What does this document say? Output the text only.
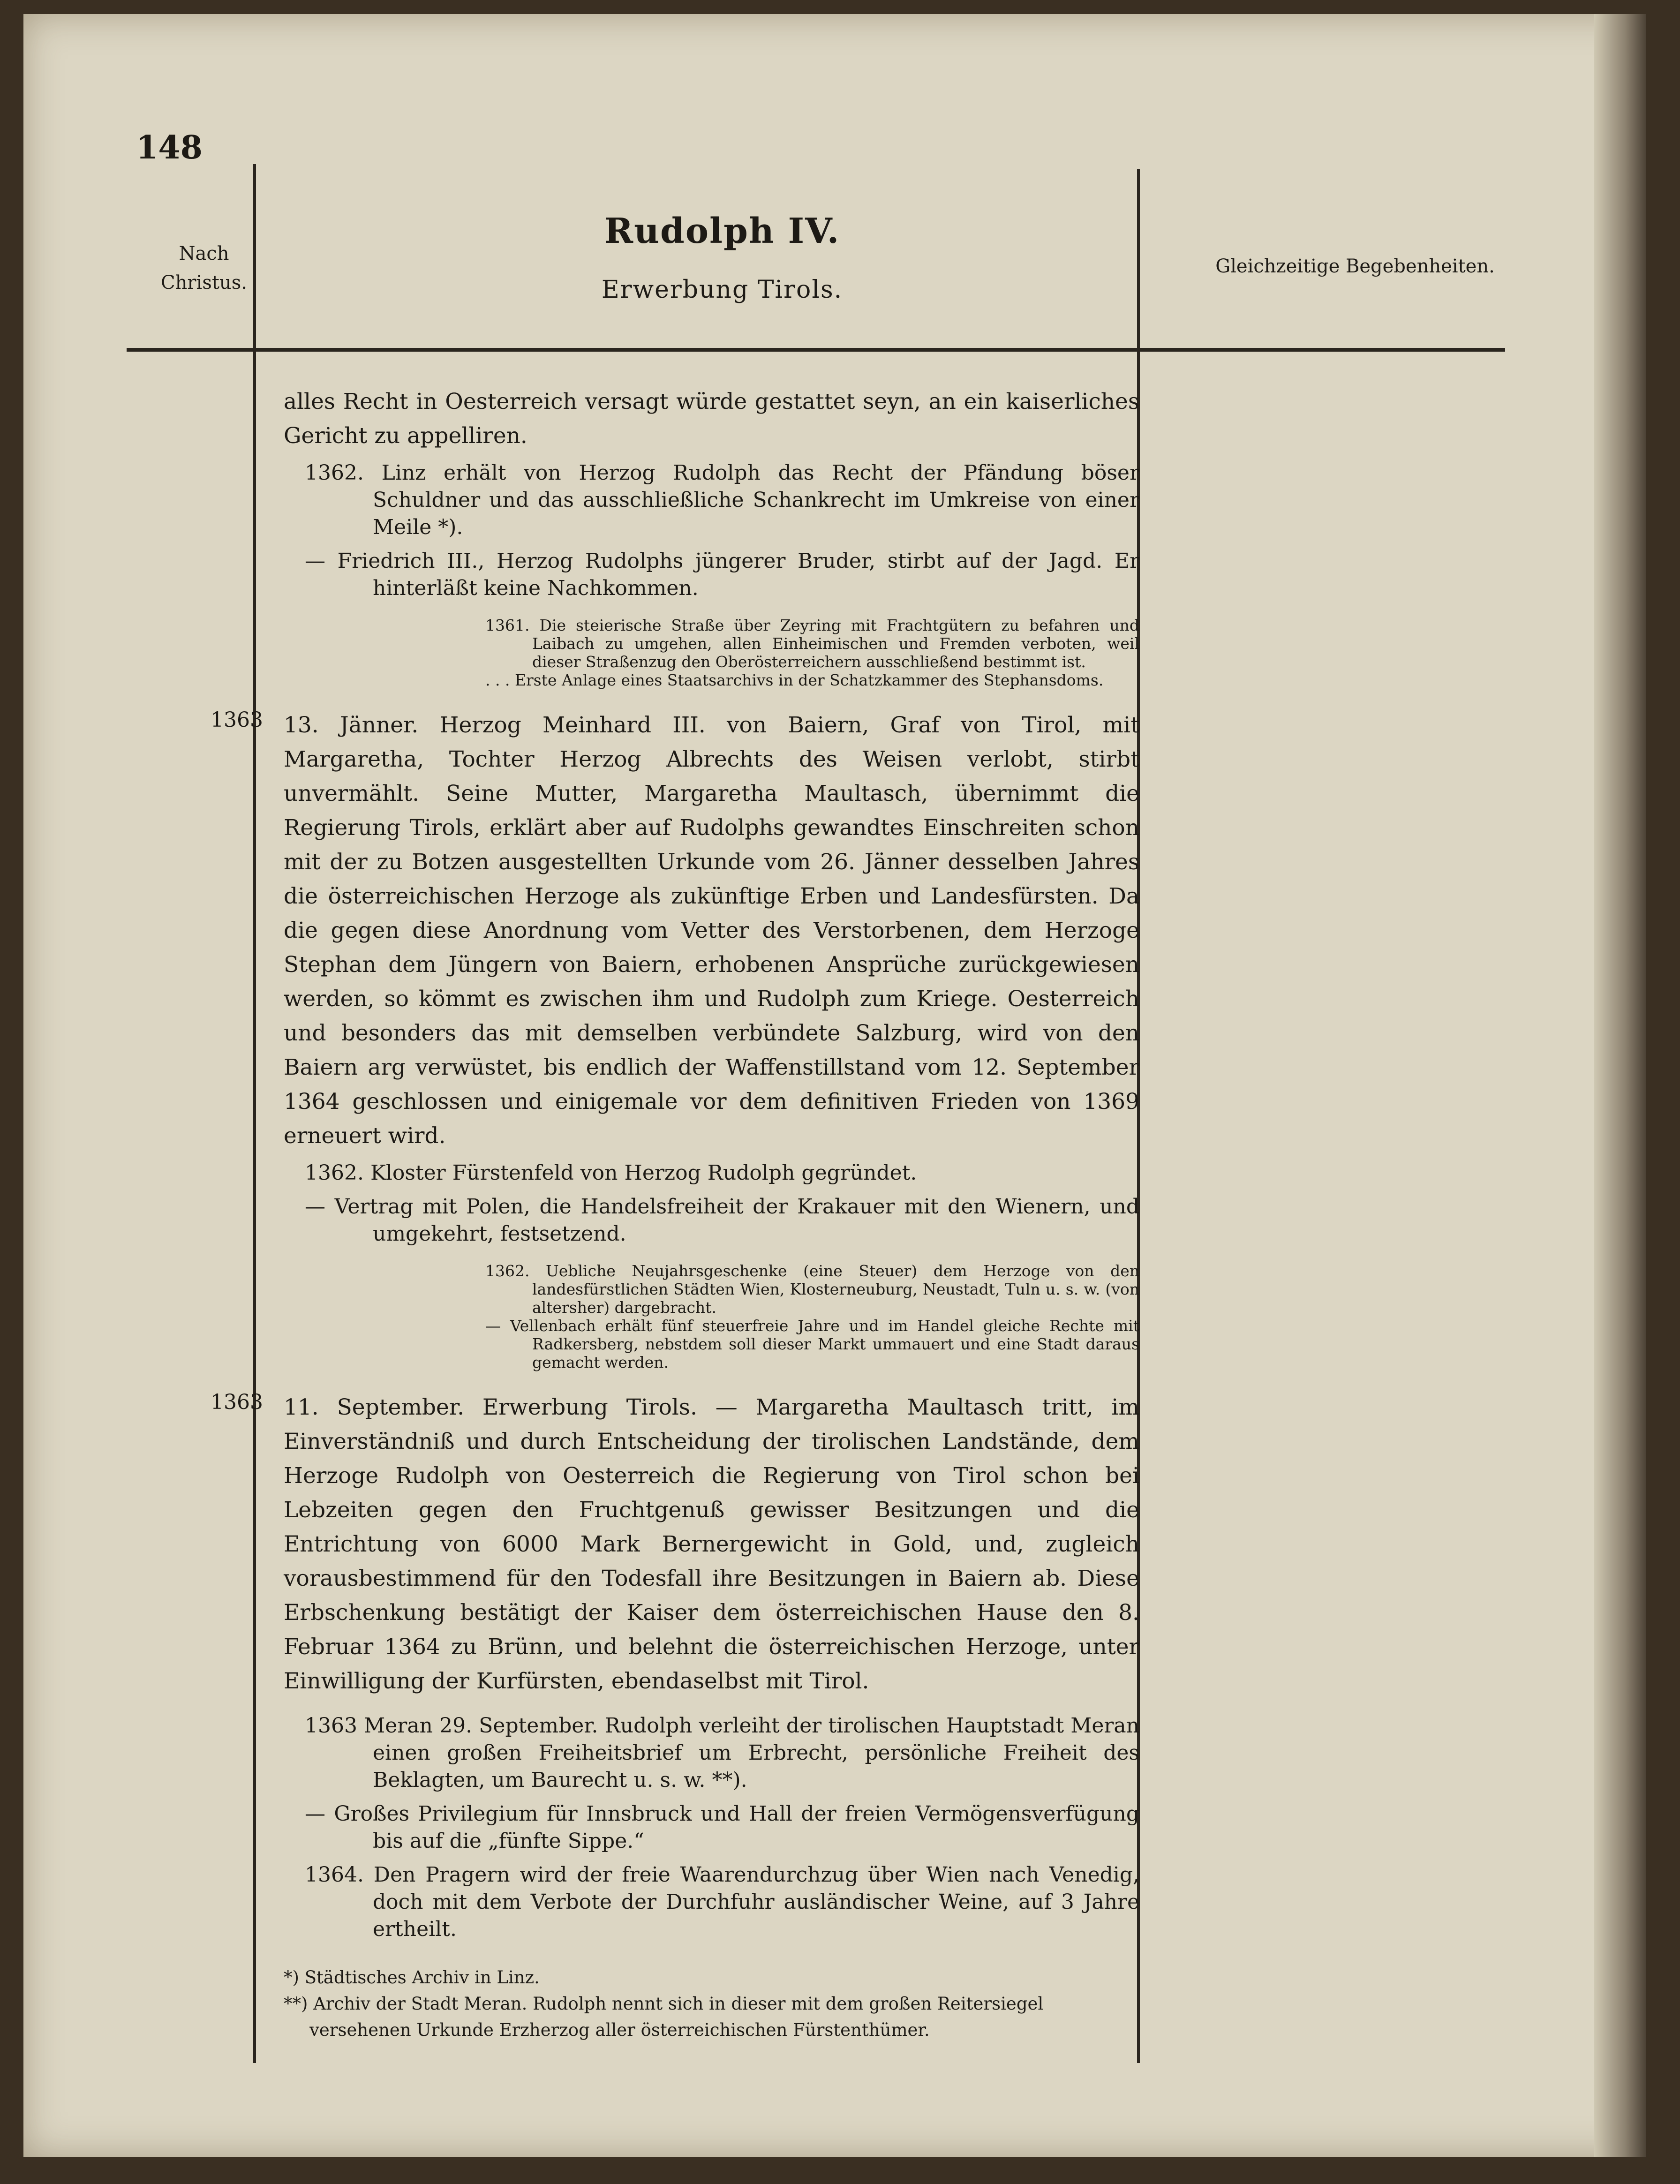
148
Nach Christus.
Rudolph IV.
Erwerbung Tirols.
Gleichzeitige Begebenheiten.

alles Recht in Oesterreich versagt würde gestattet seyn, an ein kaiserliches Gericht zu appelliren.

1362. Linz erhält von Herzog Rudolph das Recht der Pfändung böser Schuldner und das ausschließliche Schankrecht im Umkreise von einer Meile *).

— Friedrich III., Herzog Rudolphs jüngerer Bruder, stirbt auf der Jagd. Er hinterläßt keine Nachkommen.

1361. Die steierische Straße über Zeyring mit Frachtgütern zu befahren und Laibach zu umgehen, allen Einheimischen und Fremden verboten, weil dieser Straßenzug den Oberösterreichern ausschließend bestimmt ist.

. . . Erste Anlage eines Staatsarchivs in der Schatzkammer des Stephansdoms.

1363 13. Jänner. Herzog Meinhard III. von Baiern, Graf von Tirol, mit Margaretha, Tochter Herzog Albrechts des Weisen verlobt, stirbt unvermählt. Seine Mutter, Margaretha Maultasch, übernimmt die Regierung Tirols, erklärt aber auf Rudolphs gewandtes Einschreiten schon mit der zu Botzen ausgestellten Urkunde vom 26. Jänner desselben Jahres die österreichischen Herzoge als zukünftige Erben und Landesfürsten. Da die gegen diese Anordnung vom Vetter des Verstorbenen, dem Herzoge Stephan dem Jüngern von Baiern, erhobenen Ansprüche zurückgewiesen werden, so kömmt es zwischen ihm und Rudolph zum Kriege. Oesterreich und besonders das mit demselben verbündete Salzburg, wird von den Baiern arg verwüstet, bis endlich der Waffenstillstand vom 12. September 1364 geschlossen und einigemale vor dem definitiven Frieden von 1369 erneuert wird.

1362. Kloster Fürstenfeld von Herzog Rudolph gegründet.

— Vertrag mit Polen, die Handelsfreiheit der Krakauer mit den Wienern, und umgekehrt, festsetzend.

1362. Uebliche Neujahrsgeschenke (eine Steuer) dem Herzoge von den landesfürstlichen Städten Wien, Klosterneuburg, Neustadt, Tuln u. s. w. (von altersher) dargebracht.

— Vellenbach erhält fünf steuerfreie Jahre und im Handel gleiche Rechte mit Radkersberg, nebstdem soll dieser Markt ummauert und eine Stadt daraus gemacht werden.

1363 11. September. Erwerbung Tirols. — Margaretha Maultasch tritt, im Einverständniß und durch Entscheidung der tirolischen Landstände, dem Herzoge Rudolph von Oesterreich die Regierung von Tirol schon bei Lebzeiten gegen den Fruchtgenuß gewisser Besitzungen und die Entrichtung von 6000 Mark Bernergewicht in Gold, und, zugleich vorausbestimmend für den Todesfall ihre Besitzungen in Baiern ab. Diese Erbschenkung bestätigt der Kaiser dem österreichischen Hause den 8. Februar 1364 zu Brünn, und belehnt die österreichischen Herzoge, unter Einwilligung der Kurfürsten, ebendaselbst mit Tirol.

1363 Meran 29. September. Rudolph verleiht der tirolischen Hauptstadt Meran einen großen Freiheitsbrief um Erbrecht, persönliche Freiheit des Beklagten, um Baurecht u. s. w. **).

— Großes Privilegium für Innsbruck und Hall der freien Vermögensverfügung bis auf die „fünfte Sippe.“

1364. Den Pragern wird der freie Waarendurchzug über Wien nach Venedig, doch mit dem Verbote der Durchfuhr ausländischer Weine, auf 3 Jahre ertheilt.

*) Städtisches Archiv in Linz.

**) Archiv der Stadt Meran. Rudolph nennt sich in dieser mit dem großen Reitersiegel versehenen Urkunde Erzherzog aller österreichischen Fürstenthümer.
